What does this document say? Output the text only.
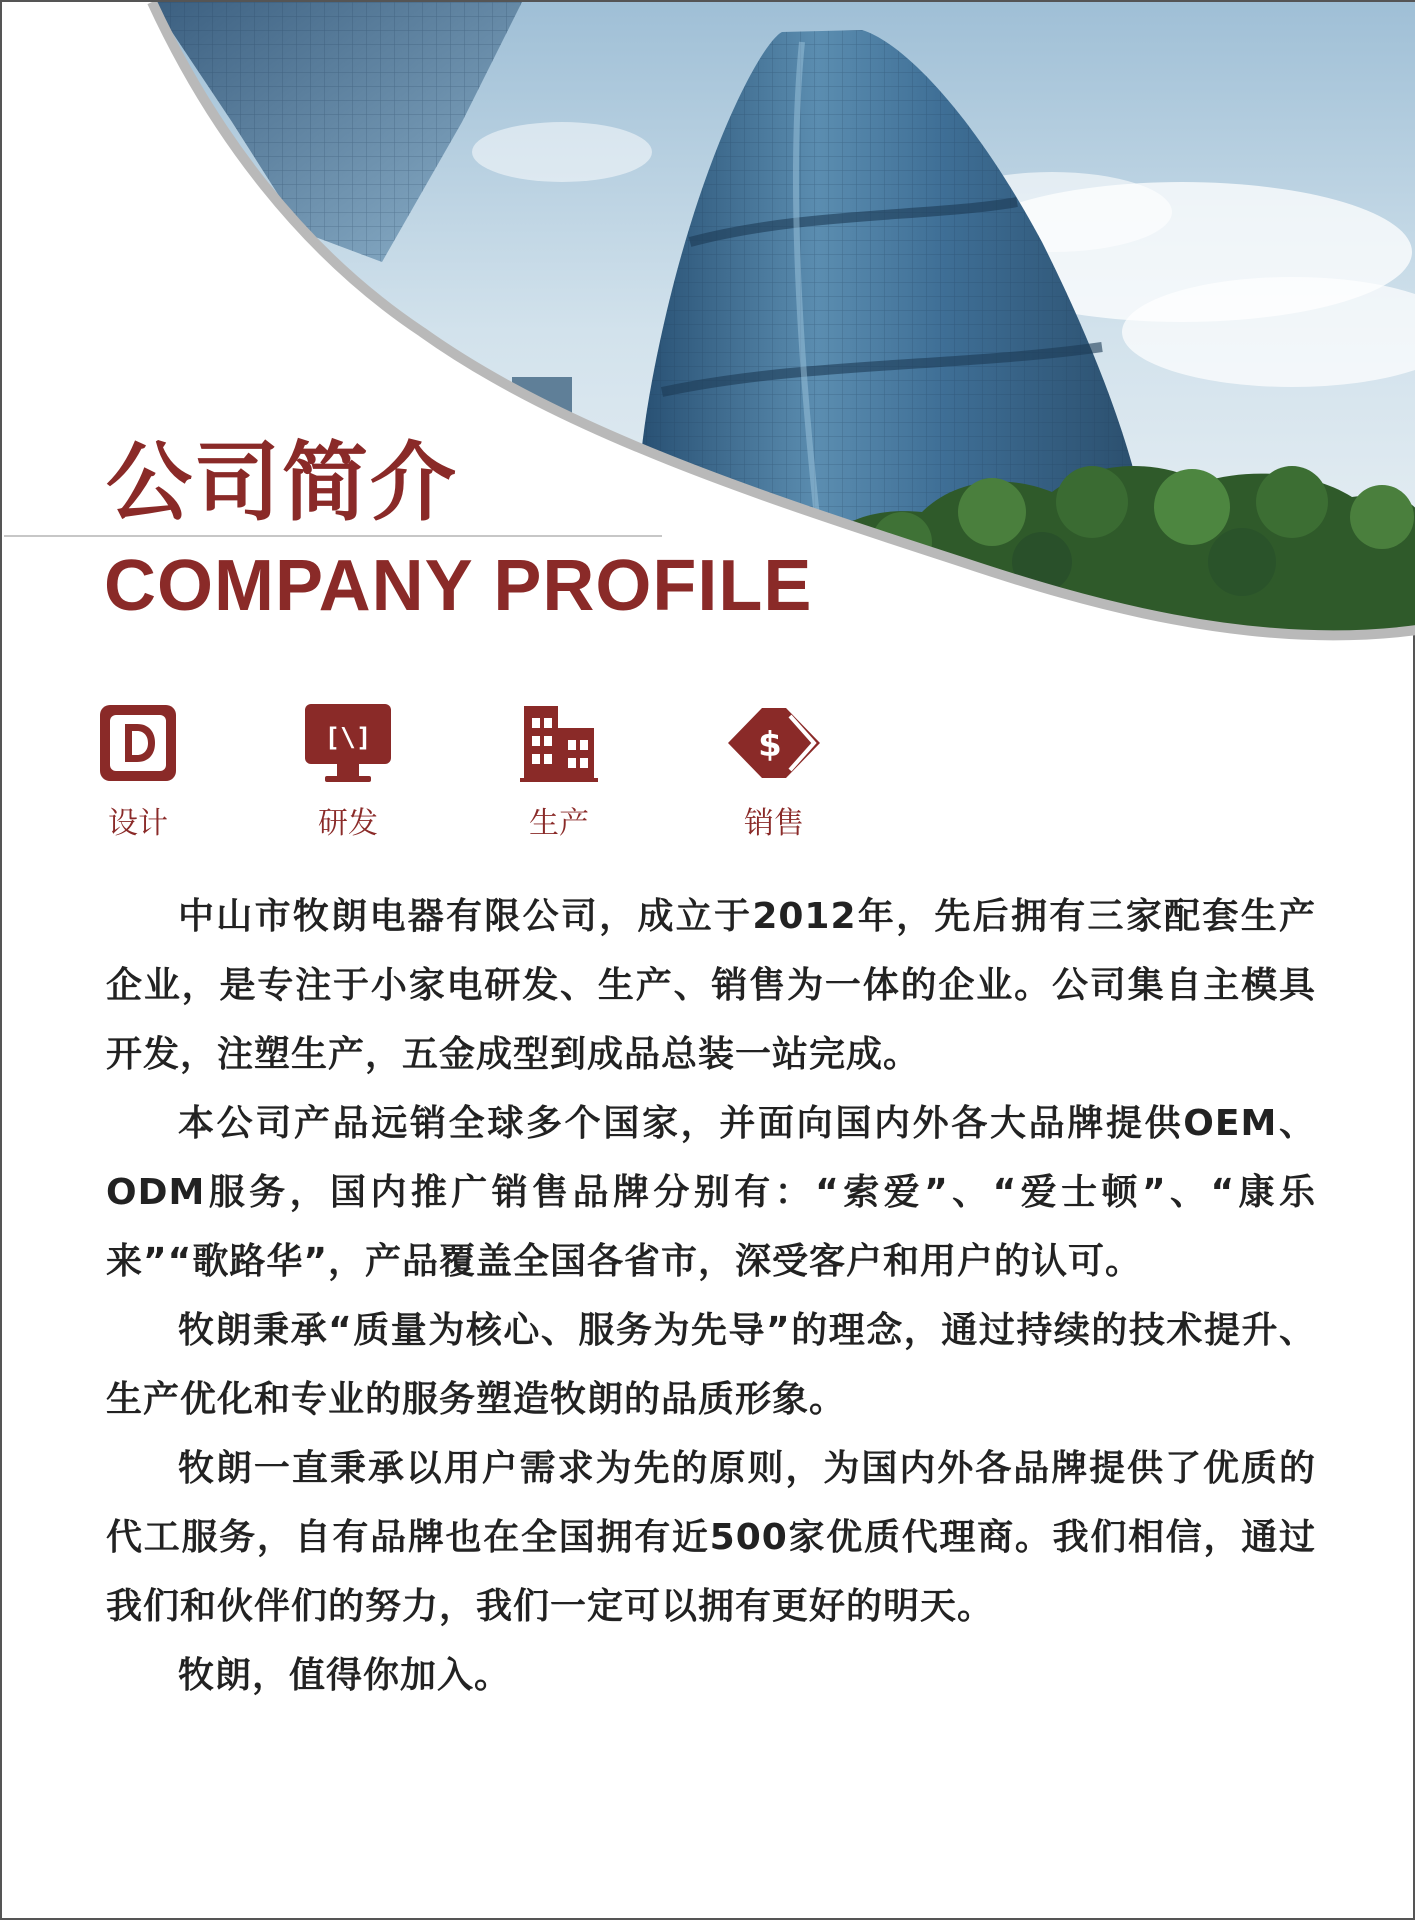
公司简介
COMPANY PROFILE
设计
[\]
研发	生产
$
销售

中山市牧朗电器有限公司，成立于2012年，先后拥有三家配套生产企业，是专注于小家电研发、生产、销售为一体的企业。公司集自主模具开发，注塑生产，五金成型到成品总装一站完成。

本公司产品远销全球多个国家，并面向国内外各大品牌提供OEM、ODM服务，国内推广销售品牌分别有：“索爱”、“爱士顿”、“康乐来”“歌路华”，产品覆盖全国各省市，深受客户和用户的认可。

牧朗秉承“质量为核心、服务为先导”的理念，通过持续的技术提升、生产优化和专业的服务塑造牧朗的品质形象。

牧朗一直秉承以用户需求为先的原则，为国内外各品牌提供了优质的代工服务，自有品牌也在全国拥有近500家优质代理商。我们相信，通过我们和伙伴们的努力，我们一定可以拥有更好的明天。

牧朗，值得你加入。
